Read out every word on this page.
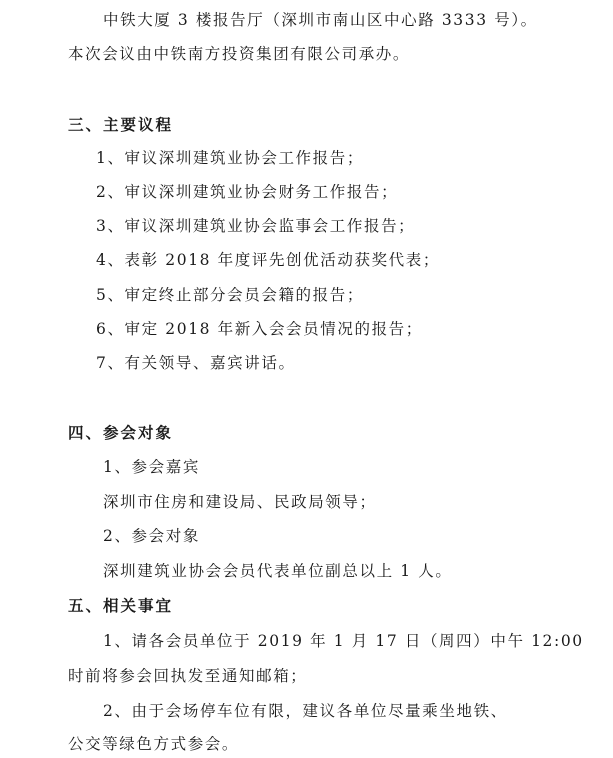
中铁大厦 3 楼报告厅（深圳市南山区中心路 3333 号）。
本次会议由中铁南方投资集团有限公司承办。
三、主要议程
1、审议深圳建筑业协会工作报告；
2、审议深圳建筑业协会财务工作报告；
3、审议深圳建筑业协会监事会工作报告；
4、表彰 2018 年度评先创优活动获奖代表；
5、审定终止部分会员会籍的报告；
6、审定 2018 年新入会会员情况的报告；
7、有关领导、嘉宾讲话。
四、参会对象
1、参会嘉宾
深圳市住房和建设局、民政局领导；
2、参会对象
深圳建筑业协会会员代表单位副总以上 1 人。
五、相关事宜
1、请各会员单位于 2019 年 1 月 17 日（周四）中午 12:00
时前将参会回执发至通知邮箱；
2、由于会场停车位有限，建议各单位尽量乘坐地铁、
公交等绿色方式参会。
